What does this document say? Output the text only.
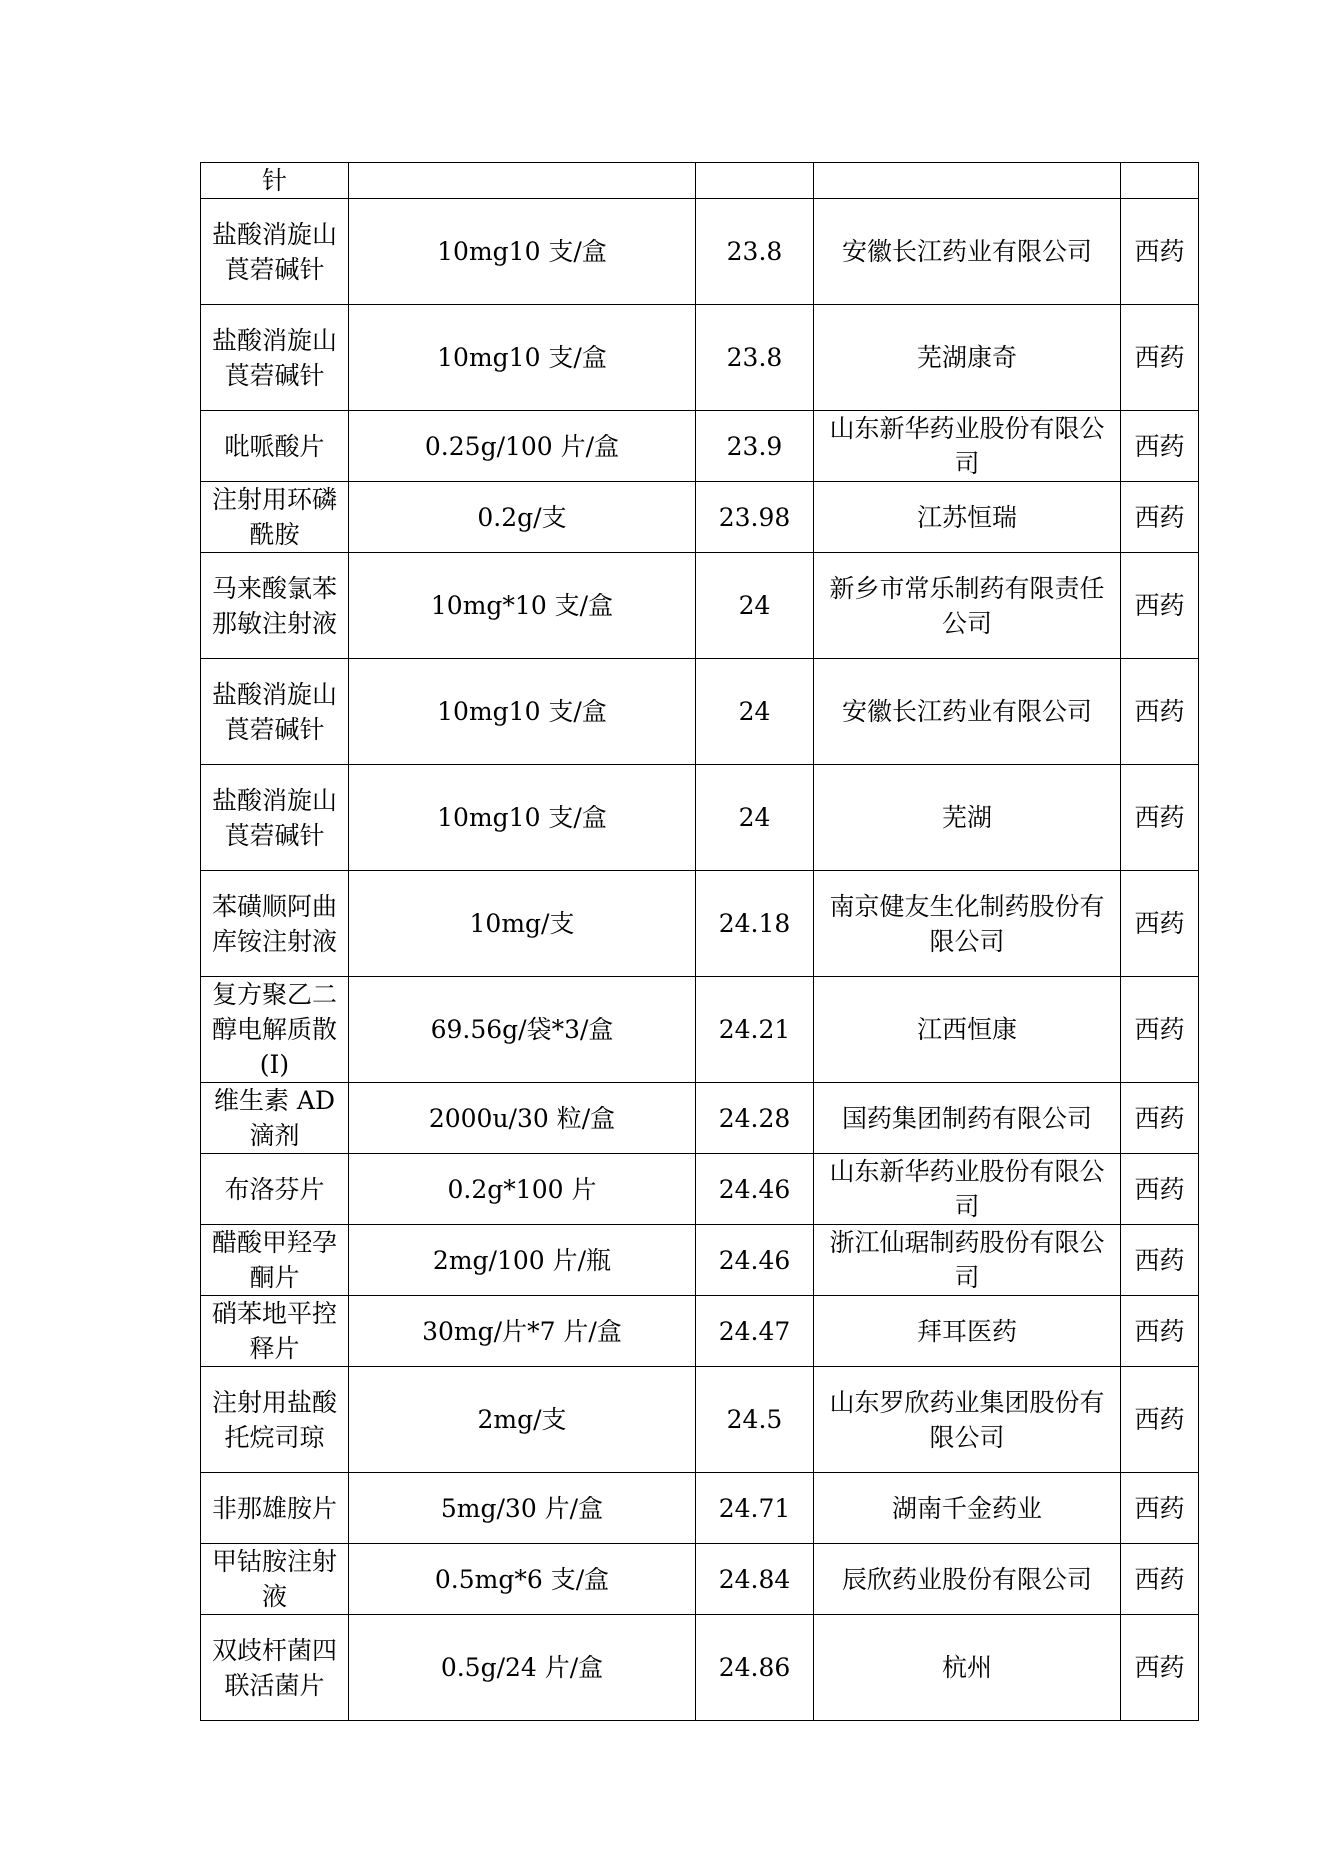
针				
盐酸消旋山莨菪碱针	10mg10 支/盒	23.8	安徽长江药业有限公司	西药
盐酸消旋山莨菪碱针	10mg10 支/盒	23.8	芜湖康奇	西药
吡哌酸片	0.25g/100 片/盒	23.9	山东新华药业股份有限公司	西药
注射用环磷酰胺	0.2g/支	23.98	江苏恒瑞	西药
马来酸氯苯那敏注射液	10mg*10 支/盒	24	新乡市常乐制药有限责任公司	西药
盐酸消旋山莨菪碱针	10mg10 支/盒	24	安徽长江药业有限公司	西药
盐酸消旋山莨菪碱针	10mg10 支/盒	24	芜湖	西药
苯磺顺阿曲库铵注射液	10mg/支	24.18	南京健友生化制药股份有限公司	西药
复方聚乙二醇电解质散(I)	69.56g/袋*3/盒	24.21	江西恒康	西药
维生素 AD 滴剂	2000u/30 粒/盒	24.28	国药集团制药有限公司	西药
布洛芬片	0.2g*100 片	24.46	山东新华药业股份有限公司	西药
醋酸甲羟孕酮片	2mg/100 片/瓶	24.46	浙江仙琚制药股份有限公司	西药
硝苯地平控释片	30mg/片*7 片/盒	24.47	拜耳医药	西药
注射用盐酸托烷司琼	2mg/支	24.5	山东罗欣药业集团股份有限公司	西药
非那雄胺片	5mg/30 片/盒	24.71	湖南千金药业	西药
甲钴胺注射液	0.5mg*6 支/盒	24.84	辰欣药业股份有限公司	西药
双歧杆菌四联活菌片	0.5g/24 片/盒	24.86	杭州	西药
